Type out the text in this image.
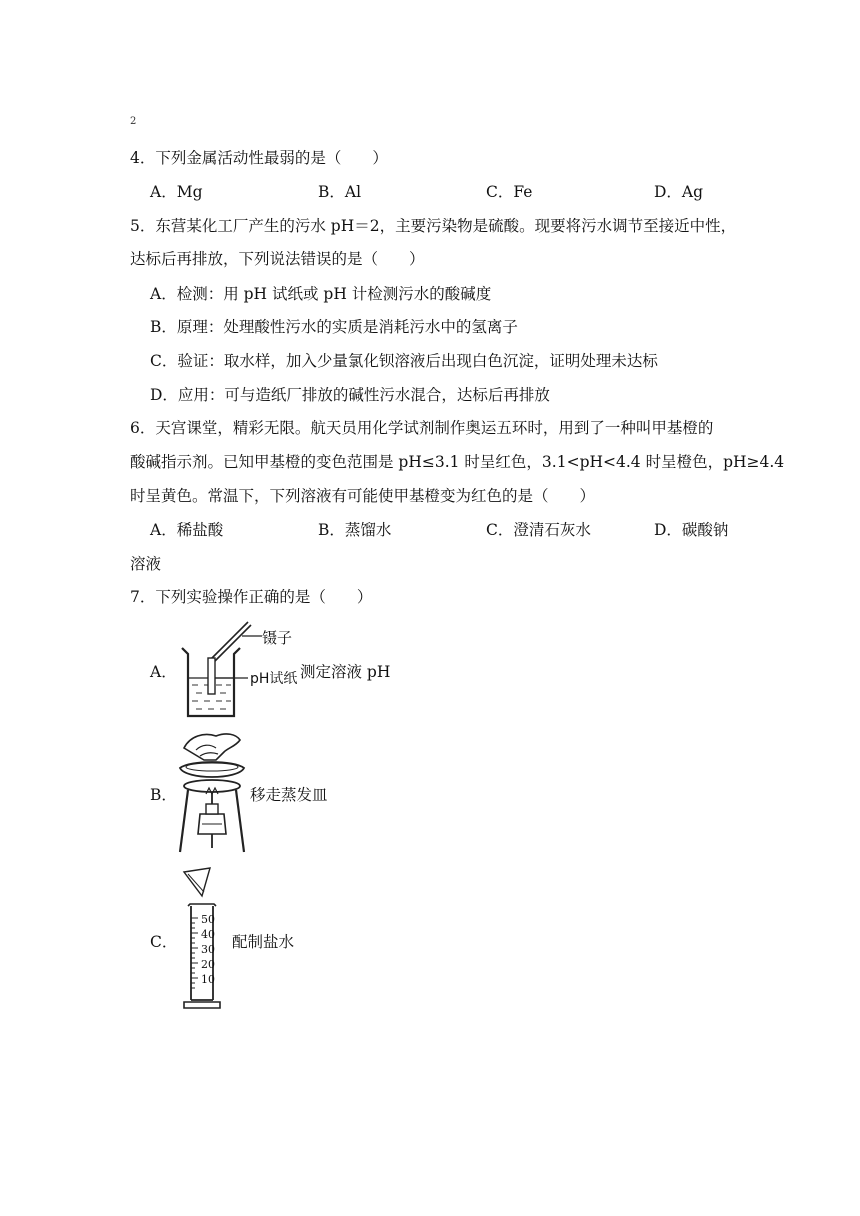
2
4．下列金属活动性最弱的是（　　）
A．Mg	B．Al	C．Fe	D．Ag
5．东营某化工厂产生的污水 pH＝2，主要污染物是硫酸。现要将污水调节至接近中性，
达标后再排放，下列说法错误的是（　　）
A．检测：用 pH 试纸或 pH 计检测污水的酸碱度
B．原理：处理酸性污水的实质是消耗污水中的氢离子
C．验证：取水样，加入少量氯化钡溶液后出现白色沉淀，证明处理未达标
D．应用：可与造纸厂排放的碱性污水混合，达标后再排放
6．天宫课堂，精彩无限。航天员用化学试剂制作奥运五环时，用到了一种叫甲基橙的
酸碱指示剂。已知甲基橙的变色范围是 pH≤3.1 时呈红色，3.1<pH<4.4 时呈橙色，pH≥4.4
时呈黄色。常温下，下列溶液有可能使甲基橙变为红色的是（　　）
A．稀盐酸	B．蒸馏水	C．澄清石灰水	D．碳酸钠
溶液
7．下列实验操作正确的是（　　）
A．
镊子
pH试纸 测定溶液 pH
B．	移走蒸发皿
C．
50
40
30
20
10
配制盐水
